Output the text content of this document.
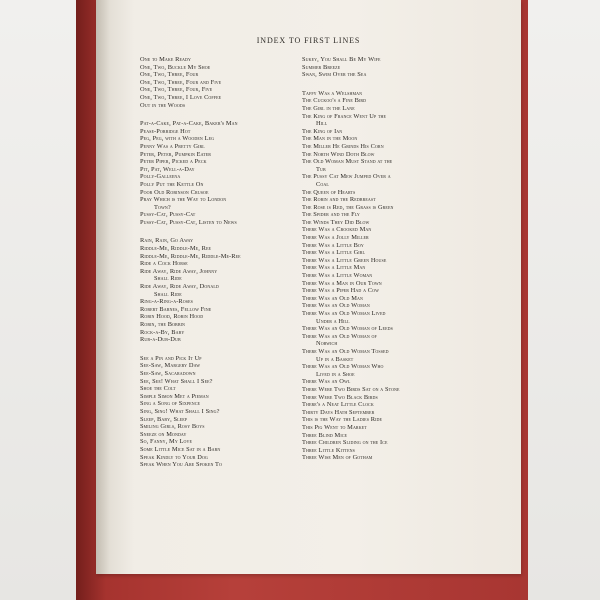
INDEX TO FIRST LINES
One to Make Ready
One, Two, Buckle My Shoe
One, Two, Three, Four
One, Two, Three, Four and Five
One, Two, Three, Four, Five
One, Two, Three, I Love Coffee
Out in the Woods
Pat-a-Cake, Pat-a-Cake, Baker's Man
Pease-Porridge Hot
Peg, Peg, with a Wooden Leg
Penny Was a Pretty Girl
Peter, Peter, Pumpkin Eater
Peter Piper, Picked a Peck
Pit, Pat, Well-a-Day
Polly-Galleena
Polly Put the Kettle On
Poor Old Robinson Crusoe
Pray Which is the Way to London
Town?
Pussy-Cat, Pussy-Cat
Pussy-Cat, Pussy-Cat, Listen to News
Rain, Rain, Go Away
Riddle-Me, Riddle-Me, Ree
Riddle-Me, Riddle-Me, Riddle-Me-Ree
Ride a Cock Horse
Ride Away, Ride Away, Johnny
Shall Ride
Ride Away, Ride Away, Donald
Shall Ride
Ring-a-Ring-a-Roses
Robert Barnes, Fellow Fine
Robin Hood, Robin Hood
Robin, the Bobbin
Rock-a-By, Baby
Rub-a-Dub-Dub
See a Pin and Pick It Up
See-Saw, Margery Daw
See-Saw, Sacaradown
See, See! What Shall I See?
Shoe the Colt
Simple Simon Met a Pieman
Sing a Song of Sixpence
Sing, Sing! What Shall I Sing?
Sleep, Baby, Sleep
Smiling Girls, Rosy Boys
Sneeze on Monday
So, Fanny, My Love
Some Little Mice Sat in a Barn
Speak Kindly to Your Dog
Speak When You Are Spoken To
Sukey, You Shall Be My Wife
Summer Breeze
Swan, Swim Over the Sea
Taffy Was a Welshman
The Cuckoo's a Fine Bird
The Girl in the Lane
The King of France Went Up the
Hill
The King of Ian
The Man in the Moon
The Miller He Grinds His Corn
The North Wind Doth Blow
The Old Woman Must Stand at the
Tub
The Pussy Cat Mew Jumped Over a
Coal
The Queen of Hearts
The Robin and the Redbreast
The Rose is Red, the Grass is Green
The Spider and the Fly
The Winds They Did Blow
There Was a Crooked Man
There Was a Jolly Miller
There Was a Little Boy
There Was a Little Girl
There Was a Little Green House
There Was a Little Man
There Was a Little Woman
There Was a Man in Our Town
There Was a Piper Had a Cow
There Was an Old Man
There Was an Old Woman
There Was an Old Woman Lived
Under a Hill
There Was an Old Woman of Leeds
There Was an Old Woman of
Norwich
There Was an Old Woman Tossed
Up in a Basket
There Was an Old Woman Who
Lived in a Shoe
There Was an Owl
There Were Two Birds Sat on a Stone
There Were Two Black Birds
There's a Neat Little Clock
Thirty Days Hath September
This is the Way the Ladies Ride
This Pig Went to Market
Three Blind Mice
Three Children Sliding on the Ice
Three Little Kittens
Three Wise Men of Gotham
